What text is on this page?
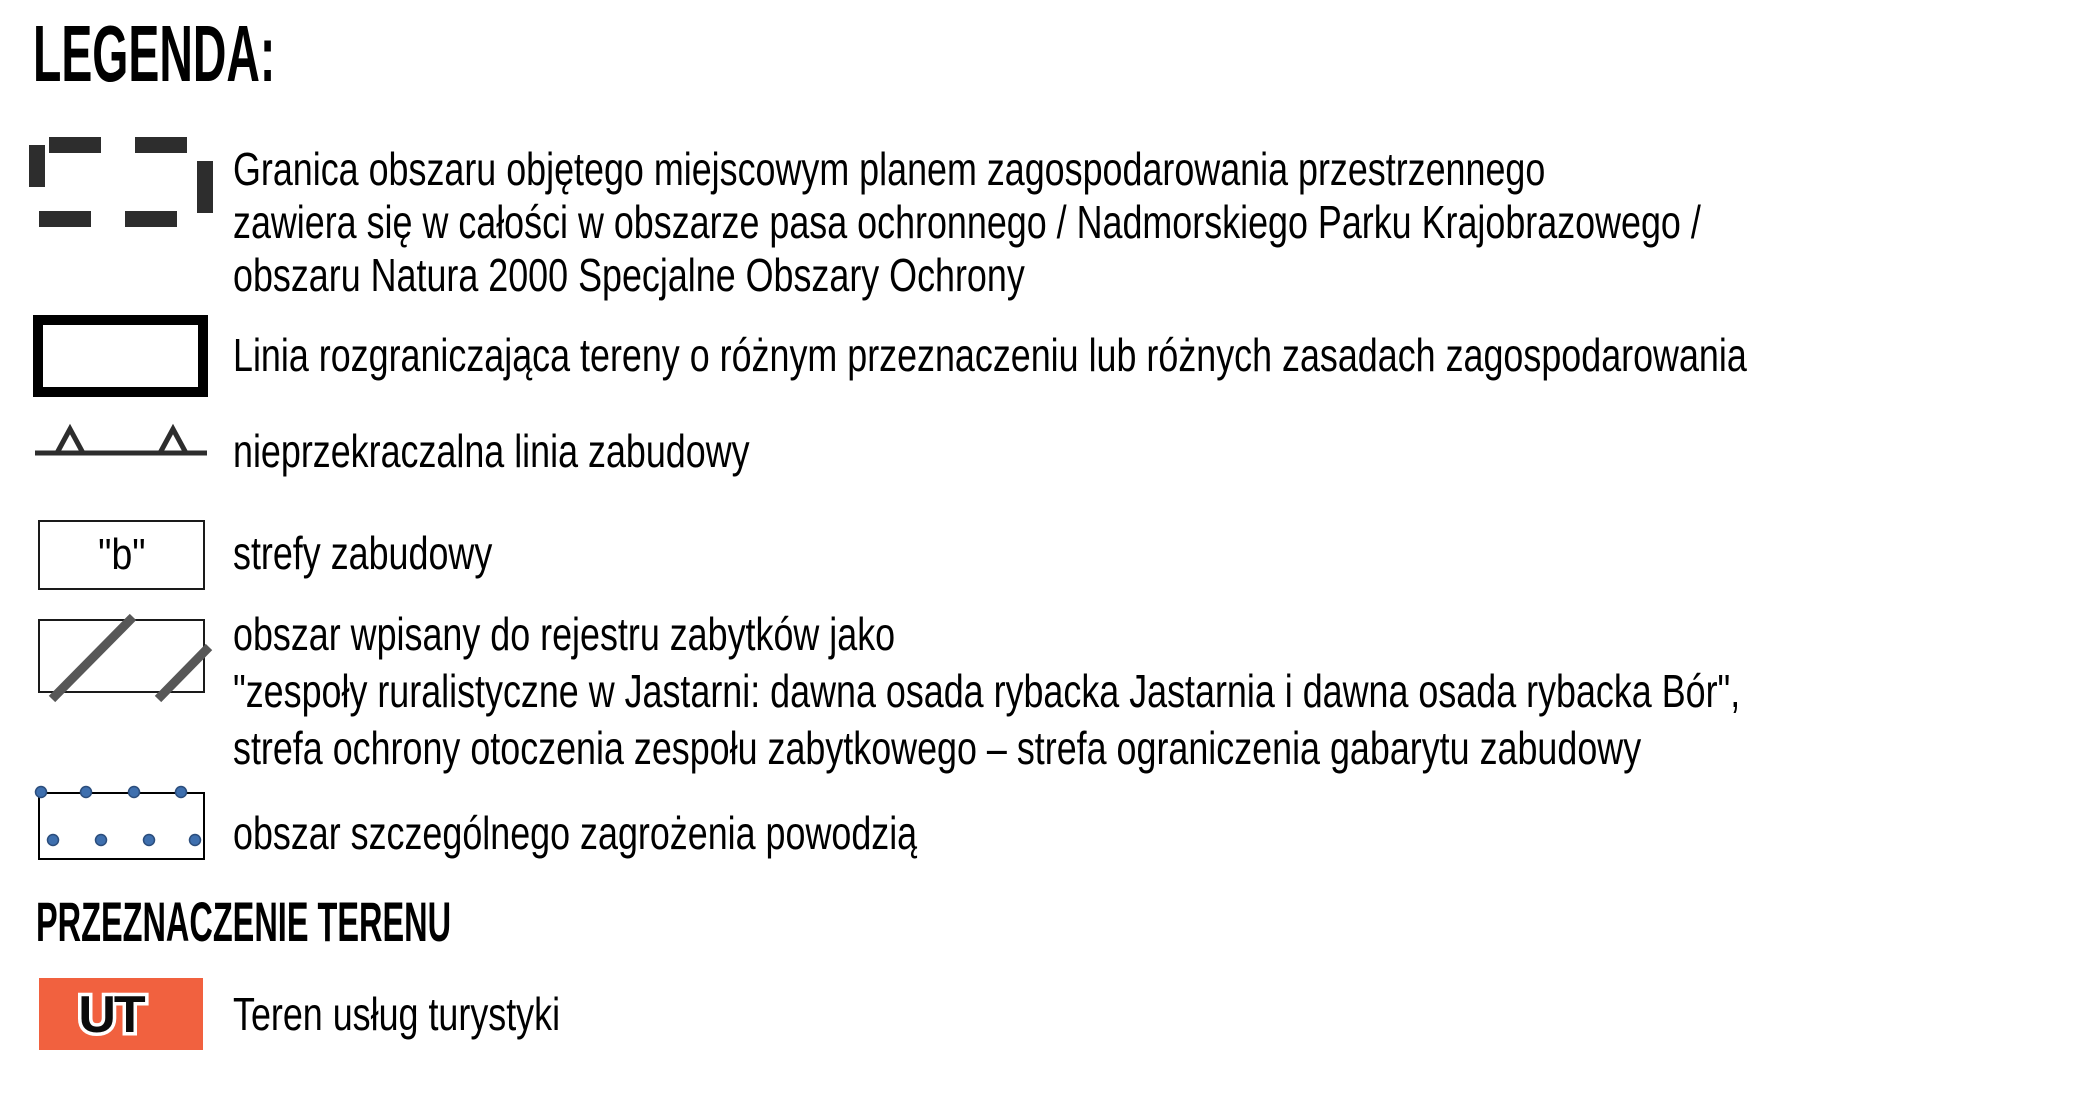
LEGENDA:
Granica obszaru objętego miejscowym planem zagospodarowania przestrzennego
zawiera się w całości w obszarze pasa ochronnego / Nadmorskiego Parku Krajobrazowego /
obszaru Natura 2000 Specjalne Obszary Ochrony
Linia rozgraniczająca tereny o różnym przeznaczeniu lub różnych zasadach zagospodarowania
nieprzekraczalna linia zabudowy
"b" strefy zabudowy
obszar wpisany do rejestru zabytków jako
"zespoły ruralistyczne w Jastarni: dawna osada rybacka Jastarnia i dawna osada rybacka Bór",
strefa ochrony otoczenia zespołu zabytkowego – strefa ograniczenia gabarytu zabudowy
obszar szczególnego zagrożenia powodzią
PRZEZNACZENIE TERENU
UT Teren usług turystyki
